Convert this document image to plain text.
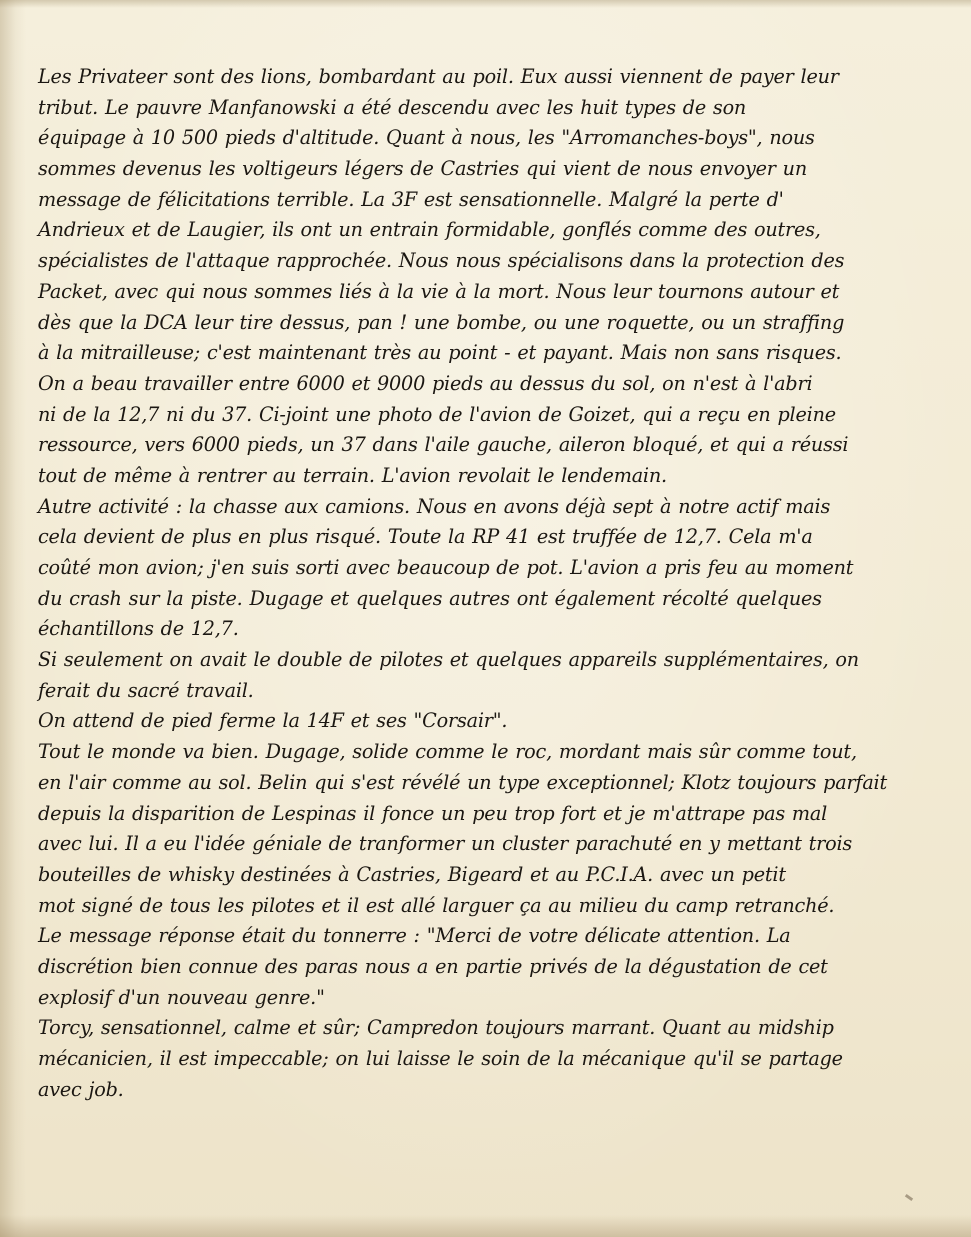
Les Privateer sont des lions, bombardant au poil. Eux aussi viennent de payer leur
tribut. Le pauvre Manfanowski a été descendu avec les huit types de son
équipage à 10 500 pieds d'altitude. Quant à nous, les "Arromanches-boys", nous
sommes devenus les voltigeurs légers de Castries qui vient de nous envoyer un
message de félicitations terrible. La 3F est sensationnelle. Malgré la perte d'
Andrieux et de Laugier, ils ont un entrain formidable, gonflés comme des outres,
spécialistes de l'attaque rapprochée. Nous nous spécialisons dans la protection des
Packet, avec qui nous sommes liés à la vie à la mort. Nous leur tournons autour et
dès que la DCA leur tire dessus, pan ! une bombe, ou une roquette, ou un straffing
à la mitrailleuse; c'est maintenant très au point - et payant. Mais non sans risques.
On a beau travailler entre 6000 et 9000 pieds au dessus du sol, on n'est à l'abri
ni de la 12,7 ni du 37. Ci-joint une photo de l'avion de Goizet, qui a reçu en pleine
ressource, vers 6000 pieds, un 37 dans l'aile gauche, aileron bloqué, et qui a réussi
tout de même à rentrer au terrain. L'avion revolait le lendemain.
Autre activité : la chasse aux camions. Nous en avons déjà sept à notre actif mais
cela devient de plus en plus risqué. Toute la RP 41 est truffée de 12,7. Cela m'a
coûté mon avion; j'en suis sorti avec beaucoup de pot. L'avion a pris feu au moment
du crash sur la piste. Dugage et quelques autres ont également récolté quelques
échantillons de 12,7.
Si seulement on avait le double de pilotes et quelques appareils supplémentaires, on
ferait du sacré travail.
On attend de pied ferme la 14F et ses "Corsair".
Tout le monde va bien. Dugage, solide comme le roc, mordant mais sûr comme tout,
en l'air comme au sol. Belin qui s'est révélé un type exceptionnel; Klotz toujours parfait
depuis la disparition de Lespinas il fonce un peu trop fort et je m'attrape pas mal
avec lui. Il a eu l'idée géniale de tranformer un cluster parachuté en y mettant trois
bouteilles de whisky destinées à Castries, Bigeard et au P.C.I.A. avec un petit
mot signé de tous les pilotes et il est allé larguer ça au milieu du camp retranché.
Le message réponse était du tonnerre : "Merci de votre délicate attention. La
discrétion bien connue des paras nous a en partie privés de la dégustation de cet
explosif d'un nouveau genre."
Torcy, sensationnel, calme et sûr; Campredon toujours marrant. Quant au midship
mécanicien, il est impeccable; on lui laisse le soin de la mécanique qu'il se partage
avec job.
